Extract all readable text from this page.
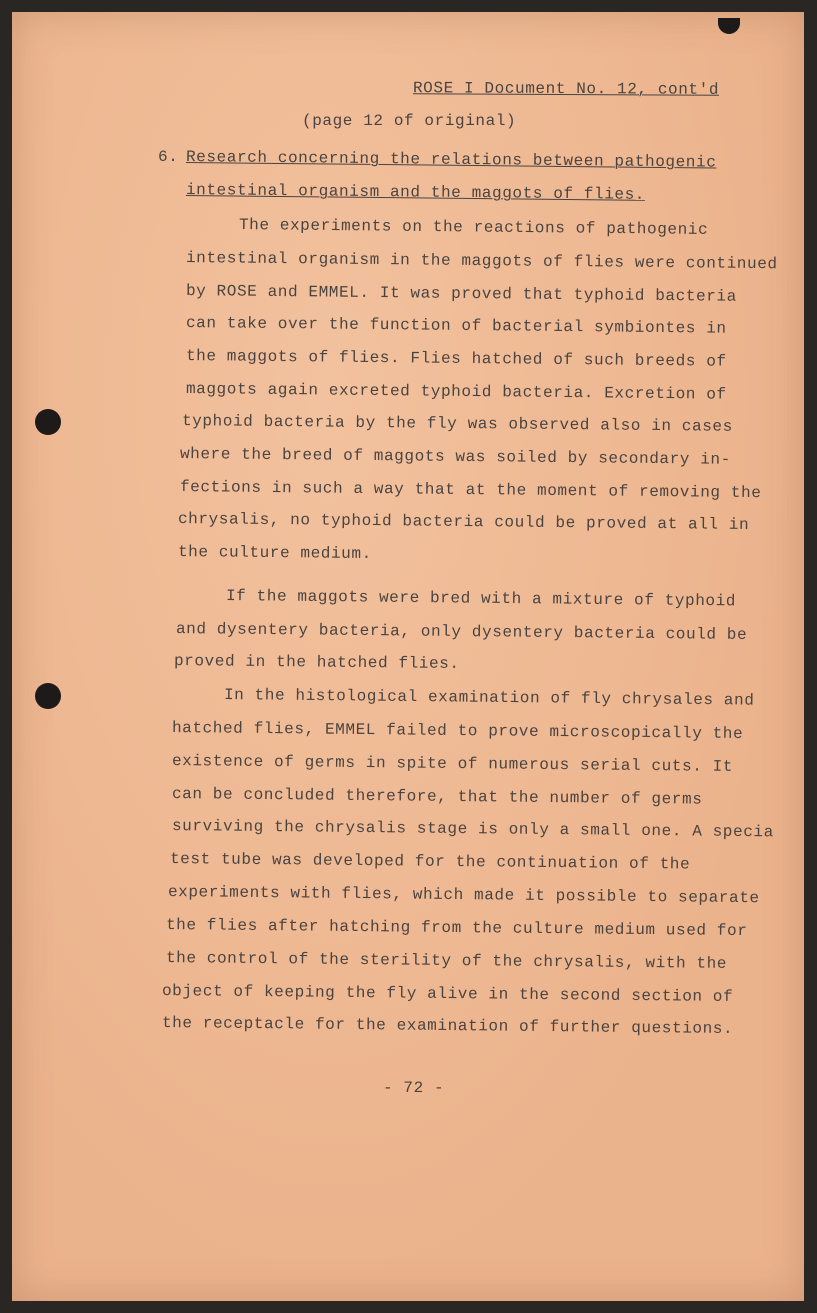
ROSE I Document No. 12, cont'd
(page 12 of original)
6. Research concerning the relations between pathogenic
intestinal organism and the maggots of flies.
The experiments on the reactions of pathogenic
intestinal organism in the maggots of flies were continued
by ROSE and EMMEL. It was proved that typhoid bacteria
can take over the function of bacterial symbiontes in
the maggots of flies. Flies hatched of such breeds of
maggots again excreted typhoid bacteria. Excretion of
typhoid bacteria by the fly was observed also in cases
where the breed of maggots was soiled by secondary in-
fections in such a way that at the moment of removing the
chrysalis, no typhoid bacteria could be proved at all in
the culture medium.
If the maggots were bred with a mixture of typhoid
and dysentery bacteria, only dysentery bacteria could be
proved in the hatched flies.
In the histological examination of fly chrysales and
hatched flies, EMMEL failed to prove microscopically the
existence of germs in spite of numerous serial cuts. It
can be concluded therefore, that the number of germs
surviving the chrysalis stage is only a small one. A specia
test tube was developed for the continuation of the
experiments with flies, which made it possible to separate
the flies after hatching from the culture medium used for
the control of the sterility of the chrysalis, with the
object of keeping the fly alive in the second section of
the receptacle for the examination of further questions.
- 72 -
